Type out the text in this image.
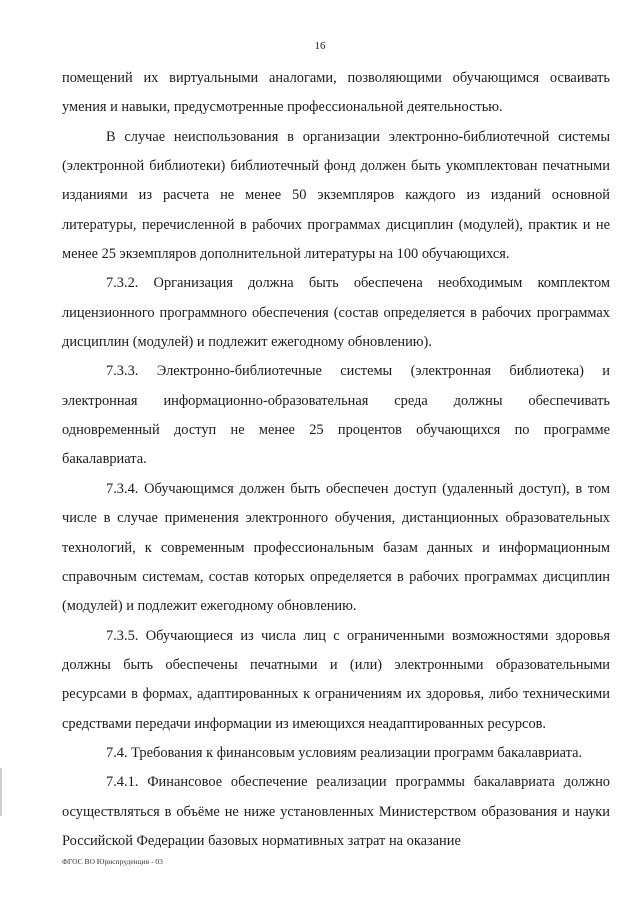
16

помещений их виртуальными аналогами, позволяющими обучающимся осваивать умения и навыки, предусмотренные профессиональной деятельностью.

В случае неиспользования в организации электронно-библиотечной системы (электронной библиотеки) библиотечный фонд должен быть укомплектован печатными изданиями из расчета не менее 50 экземпляров каждого из изданий основной литературы, перечисленной в рабочих программах дисциплин (модулей), практик и не менее 25 экземпляров дополнительной литературы на 100 обучающихся.

7.3.2. Организация должна быть обеспечена необходимым комплектом лицензионного программного обеспечения (состав определяется в рабочих программах дисциплин (модулей) и подлежит ежегодному обновлению).

7.3.3. Электронно-библиотечные системы (электронная библиотека) и электронная информационно-образовательная среда должны обеспечивать одновременный доступ не менее 25 процентов обучающихся по программе бакалавриата.

7.3.4. Обучающимся должен быть обеспечен доступ (удаленный доступ), в том числе в случае применения электронного обучения, дистанционных образовательных технологий, к современным профессиональным базам данных и информационным справочным системам, состав которых определяется в рабочих программах дисциплин (модулей) и подлежит ежегодному обновлению.

7.3.5. Обучающиеся из числа лиц с ограниченными возможностями здоровья должны быть обеспечены печатными и (или) электронными образовательными ресурсами в формах, адаптированных к ограничениям их здоровья, либо техническими средствами передачи информации из имеющихся неадаптированных ресурсов.

7.4. Требования к финансовым условиям реализации программ бакалавриата.

7.4.1. Финансовое обеспечение реализации программы бакалавриата должно осуществляться в объёме не ниже установленных Министерством образования и науки Российской Федерации базовых нормативных затрат на оказание

ФГОС ВО Юриспруденция - 03
